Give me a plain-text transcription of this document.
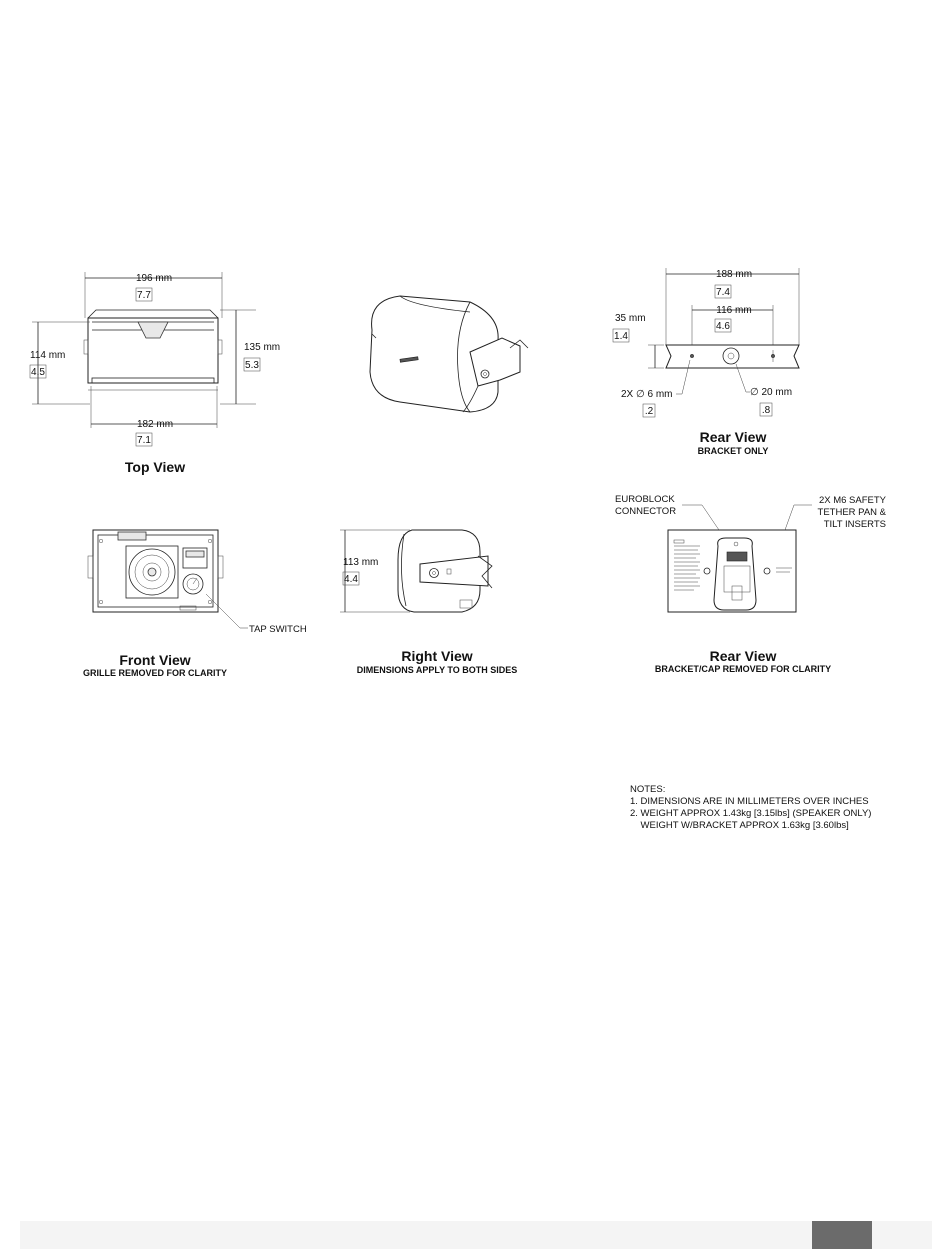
196 mm
7.7
114 mm
4.5
135 mm
5.3
182 mm
7.1
Top View
188 mm
7.4
116 mm
4.6
35 mm
1.4
2X ∅ 6 mm
.2
∅ 20 mm
.8
Rear View
BRACKET ONLY
TAP SWITCH
Front View
GRILLE REMOVED FOR CLARITY
113 mm
4.4
Right View
DIMENSIONS APPLY TO BOTH SIDES
EUROBLOCK
CONNECTOR
2X M6 SAFETY
TETHER PAN &
TILT INSERTS
Rear View
BRACKET/CAP REMOVED FOR CLARITY
NOTES:
1. DIMENSIONS ARE IN MILLIMETERS OVER INCHES
2. WEIGHT APPROX 1.43kg [3.15lbs] (SPEAKER ONLY)
WEIGHT W/BRACKET APPROX 1.63kg [3.60lbs]
